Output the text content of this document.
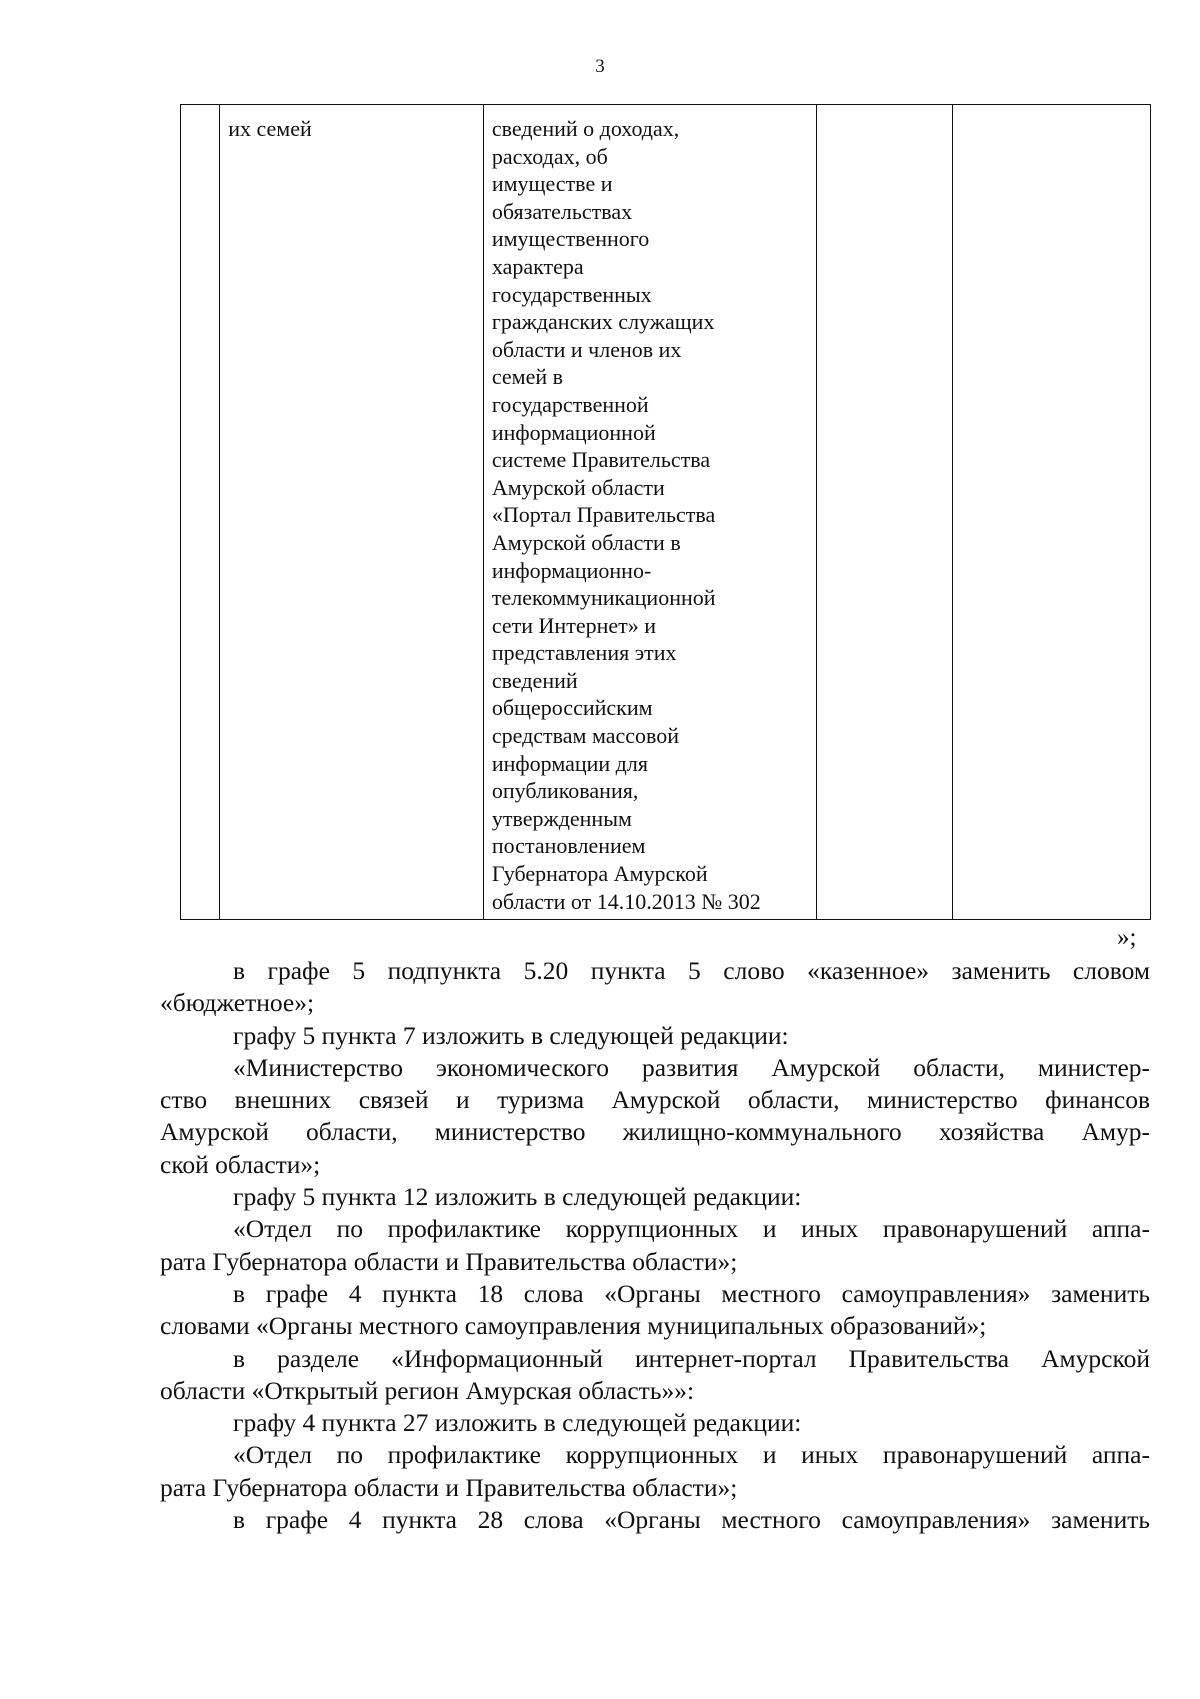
3
	их семей	сведений о доходах,
расходах, об
имуществе и
обязательствах
имущественного
характера
государственных
гражданских служащих
области и членов их
семей в
государственной
информационной
системе Правительства
Амурской области
«Портал Правительства
Амурской области в
информационно-
телекоммуникационной
сети Интернет» и
представления этих
сведений
общероссийским
средствам массовой
информации для
опубликования,
утвержденным
постановлением
Губернатора Амурской
области от 14.10.2013 № 302

»;
в графе 5 подпункта 5.20 пункта 5 слово «казенное» заменить словом
«бюджетное»;
графу 5 пункта 7 изложить в следующей редакции:
«Министерство экономического развития Амурской области, министер-
ство внешних связей и туризма Амурской области, министерство финансов
Амурской области, министерство жилищно-коммунального хозяйства Амур-
ской области»;
графу 5 пункта 12 изложить в следующей редакции:
«Отдел по профилактике коррупционных и иных правонарушений аппа-
рата Губернатора области и Правительства области»;
в графе 4 пункта 18 слова «Органы местного самоуправления» заменить
словами «Органы местного самоуправления муниципальных образований»;
в разделе «Информационный интернет-портал Правительства Амурской
области «Открытый регион Амурская область»»:
графу 4 пункта 27 изложить в следующей редакции:
«Отдел по профилактике коррупционных и иных правонарушений аппа-
рата Губернатора области и Правительства области»;
в графе 4 пункта 28 слова «Органы местного самоуправления» заменить
